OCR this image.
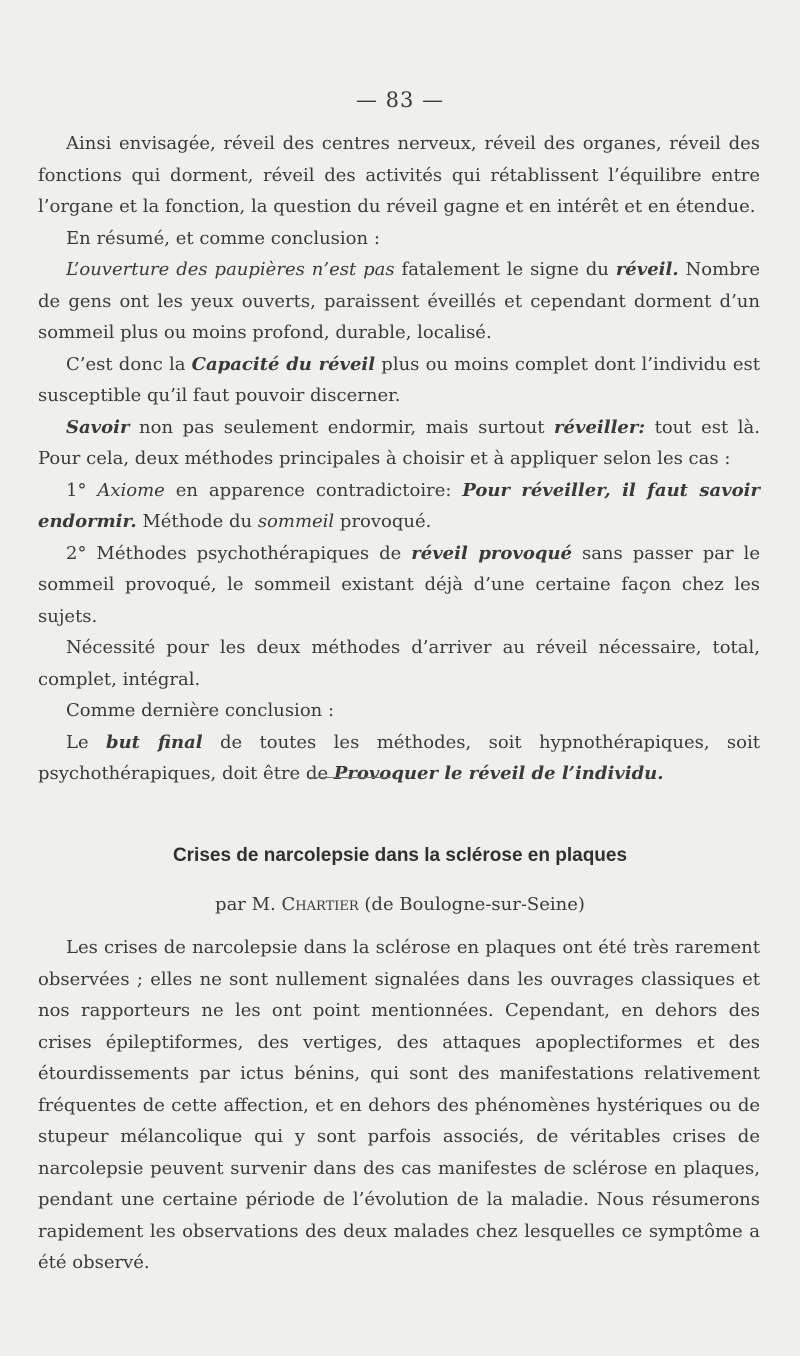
— 83 —

Ainsi envisagée, réveil des centres nerveux, réveil des organes, réveil des fonctions qui dorment, réveil des activités qui rétablissent l’équilibre entre l’organe et la fonction, la question du réveil gagne et en intérêt et en étendue.

En résumé, et comme conclusion :

L’ouverture des paupières n’est pas fatalement le signe du réveil. Nombre de gens ont les yeux ouverts, paraissent éveillés et cependant dorment d’un sommeil plus ou moins profond, durable, localisé.

C’est donc la Capacité du réveil plus ou moins complet dont l’individu est susceptible qu’il faut pouvoir discerner.

Savoir non pas seulement endormir, mais surtout réveiller: tout est là. Pour cela, deux méthodes principales à choisir et à appliquer selon les cas :

1° Axiome en apparence contradictoire: Pour réveiller, il faut savoir endormir. Méthode du sommeil provoqué.

2° Méthodes psychothérapiques de réveil provoqué sans passer par le sommeil provoqué, le sommeil existant déjà d’une certaine façon chez les sujets.

Nécessité pour les deux méthodes d’arriver au réveil nécessaire, total, complet, intégral.

Comme dernière conclusion :

Le but final de toutes les méthodes, soit hypnothérapiques, soit psychothérapiques, doit être de Provoquer le réveil de l’individu.

Crises de narcolepsie dans la sclérose en plaques
par M. Chartier (de Boulogne-sur-Seine)

Les crises de narcolepsie dans la sclérose en plaques ont été très rarement observées ; elles ne sont nullement signalées dans les ouvrages classiques et nos rapporteurs ne les ont point mentionnées. Cependant, en dehors des crises épileptiformes, des vertiges, des attaques apoplectiformes et des étourdissements par ictus bénins, qui sont des manifestations relativement fréquentes de cette affection, et en dehors des phénomènes hystériques ou de stupeur mélancolique qui y sont parfois associés, de véritables crises de narcolepsie peuvent survenir dans des cas manifestes de sclérose en plaques, pendant une certaine période de l’évolution de la maladie. Nous résumerons rapidement les observations des deux malades chez lesquelles ce symptôme a été observé.
